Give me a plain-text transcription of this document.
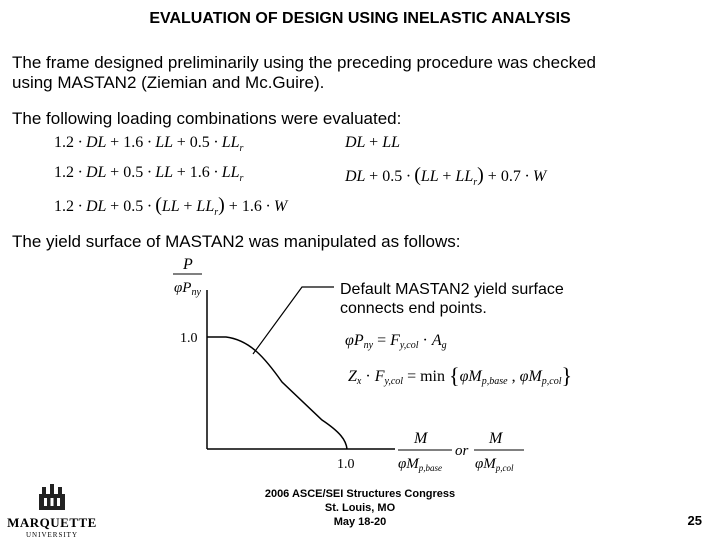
EVALUATION OF DESIGN USING INELASTIC ANALYSIS
The frame designed preliminarily using the preceding procedure was checked
using MASTAN2 (Ziemian and Mc.Guire).
The following loading combinations were evaluated:
1.2 · DL + 1.6 · LL + $0.5 \cdot LL_r$
1.2 · DL + 0.5 · LL + $1.6 \cdot LL_r$
1.2 · DL + $0.5 \cdot (LL + LL_r) + 1.6 \cdot W$
DL + LL
DL + $0.5 \cdot (LL + LL_r) + 0.7 \cdot W$
The yield surface of MASTAN2 was manipulated as follows:
P
$\varphi P_{ny}$
1.0
1.0
M
$\varphi M_{p,base}$
or
M
$\varphi M_{p,col}$
φPny = Fy,col · Ag
Zx · Fy,col = min {φMp,base , φMp,col}
Default MASTAN2 yield surface
connects end points.
MARQUETTE
UNIVERSITY
2006 ASCE/SEI Structures Congress
St. Louis, MO
May 18-20	25
